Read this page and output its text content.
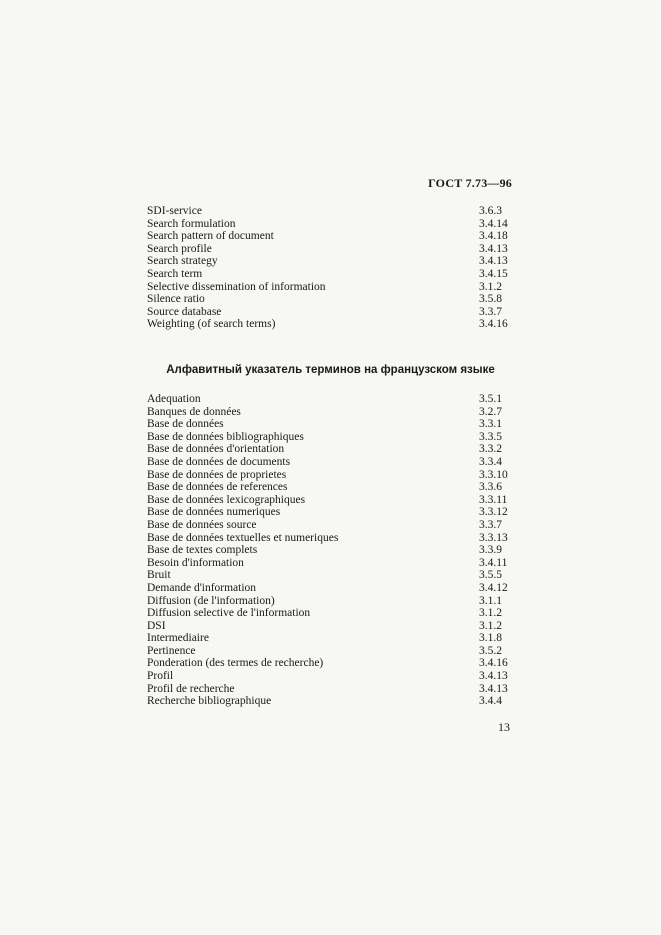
ГОСТ 7.73—96
SDI-service	3.6.3
Search formulation	3.4.14
Search pattern of document	3.4.18
Search profile	3.4.13
Search strategy	3.4.13
Search term	3.4.15
Selective dissemination of information	3.1.2
Silence ratio	3.5.8
Source database	3.3.7
Weighting (of search terms)	3.4.16
Алфавитный указатель терминов на французском языке
Adequation	3.5.1
Banques de données	3.2.7
Base de données	3.3.1
Base de données bibliographiques	3.3.5
Base de données d'orientation	3.3.2
Base de données de documents	3.3.4
Base de données de proprietes	3.3.10
Base de données de references	3.3.6
Base de données lexicographiques	3.3.11
Base de données numeriques	3.3.12
Base de données source	3.3.7
Base de données textuelles et numeriques	3.3.13
Base de textes complets	3.3.9
Besoin d'information	3.4.11
Bruit	3.5.5
Demande d'information	3.4.12
Diffusion (de l'information)	3.1.1
Diffusion selective de l'information	3.1.2
DSI	3.1.2
Intermediaire	3.1.8
Pertinence	3.5.2
Ponderation (des termes de recherche)	3.4.16
Profil	3.4.13
Profil de recherche	3.4.13
Recherche bibliographique	3.4.4
13
